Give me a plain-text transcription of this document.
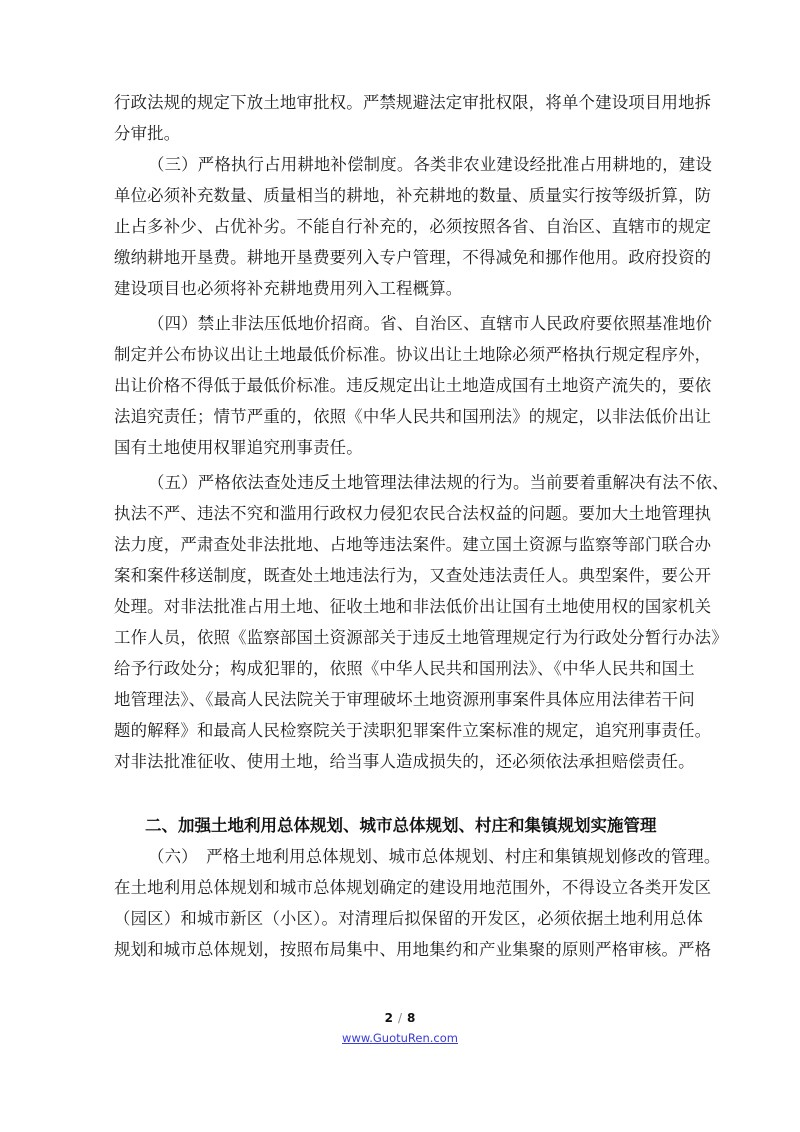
行政法规的规定下放土地审批权。严禁规避法定审批权限，将单个建设项目用地拆
分审批。
（三）严格执行占用耕地补偿制度。各类非农业建设经批准占用耕地的，建设
单位必须补充数量、质量相当的耕地，补充耕地的数量、质量实行按等级折算，防
止占多补少、占优补劣。不能自行补充的，必须按照各省、自治区、直辖市的规定
缴纳耕地开垦费。耕地开垦费要列入专户管理，不得减免和挪作他用。政府投资的
建设项目也必须将补充耕地费用列入工程概算。
（四）禁止非法压低地价招商。省、自治区、直辖市人民政府要依照基准地价
制定并公布协议出让土地最低价标准。协议出让土地除必须严格执行规定程序外，
出让价格不得低于最低价标准。违反规定出让土地造成国有土地资产流失的，要依
法追究责任；情节严重的，依照《中华人民共和国刑法》的规定，以非法低价出让
国有土地使用权罪追究刑事责任。
（五）严格依法查处违反土地管理法律法规的行为。当前要着重解决有法不依、
执法不严、违法不究和滥用行政权力侵犯农民合法权益的问题。要加大土地管理执
法力度，严肃查处非法批地、占地等违法案件。建立国土资源与监察等部门联合办
案和案件移送制度，既查处土地违法行为，又查处违法责任人。典型案件，要公开
处理。对非法批准占用土地、征收土地和非法低价出让国有土地使用权的国家机关
工作人员，依照《监察部国土资源部关于违反土地管理规定行为行政处分暂行办法》
给予行政处分；构成犯罪的，依照《中华人民共和国刑法》、《中华人民共和国土
地管理法》、《最高人民法院关于审理破坏土地资源刑事案件具体应用法律若干问
题的解释》和最高人民检察院关于渎职犯罪案件立案标准的规定，追究刑事责任。
对非法批准征收、使用土地，给当事人造成损失的，还必须依法承担赔偿责任。
（六）　严格土地利用总体规划、城市总体规划、村庄和集镇规划修改的管理。
在土地利用总体规划和城市总体规划确定的建设用地范围外，不得设立各类开发区
（园区）和城市新区（小区）。对清理后拟保留的开发区，必须依据土地利用总体
规划和城市总体规划，按照布局集中、用地集约和产业集聚的原则严格审核。严格
二、加强土地利用总体规划、城市总体规划、村庄和集镇规划实施管理
2 / 8
www.GuotuRen.com
